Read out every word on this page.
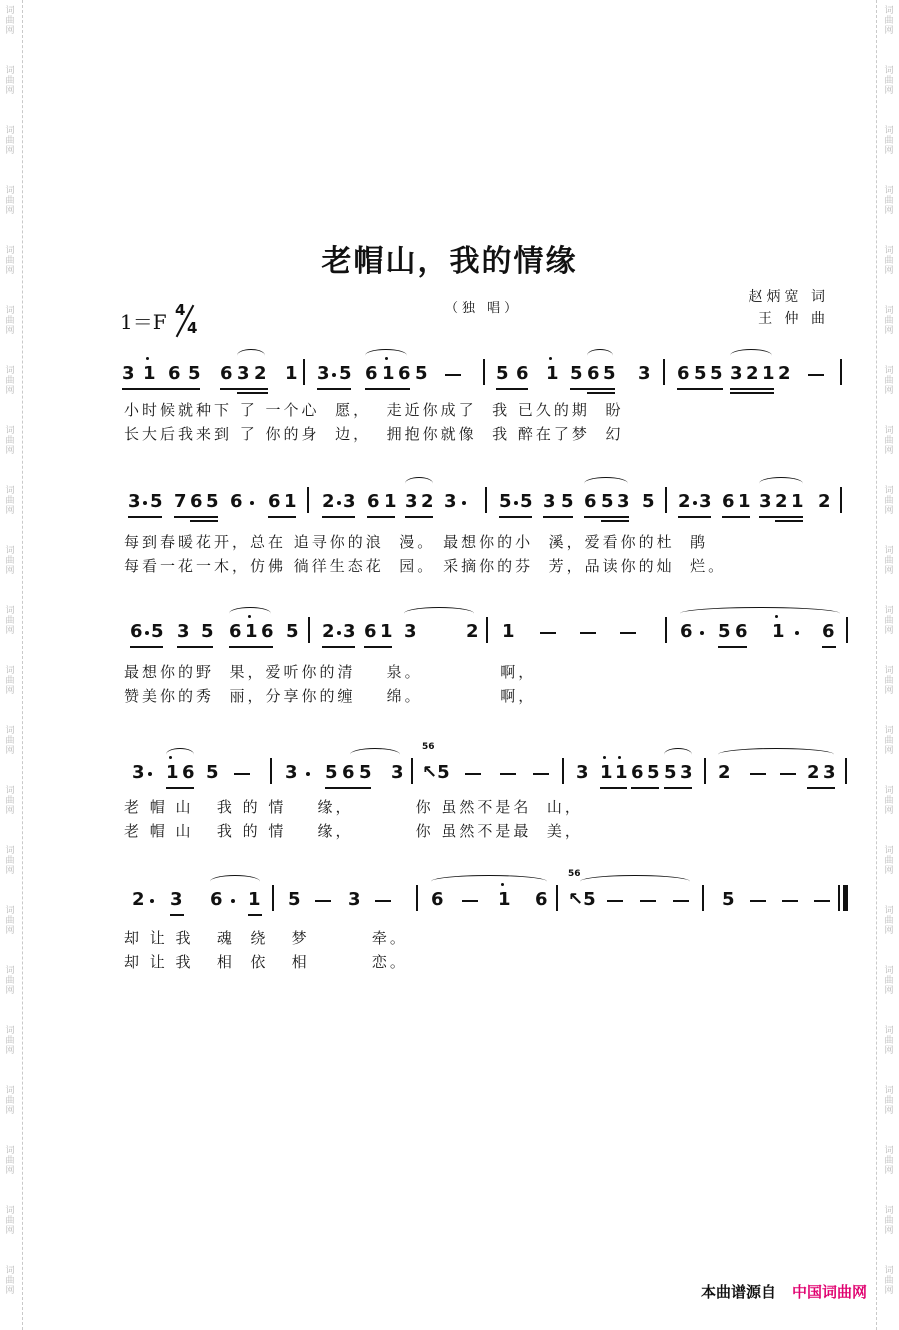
词
曲
网
词
曲
网
词
曲
网
词
曲
网
词
曲
网
词
曲
网
词
曲
网
词
曲
网
词
曲
网
词
曲
网
词
曲
网
词
曲
网
词
曲
网
词
曲
网
词
曲
网
词
曲
网
词
曲
网
词
曲
网
词
曲
网
词
曲
网
词
曲
网
词
曲
网
词
曲
网
词
曲
网
词
曲
网
词
曲
网
词
曲
网
词
曲
网
词
曲
网
词
曲
网
词
曲
网
词
曲
网
词
曲
网
词
曲
网
词
曲
网
词
曲
网
词
曲
网
词
曲
网
词
曲
网
词
曲
网
词
曲
网
词
曲
网
词
曲
网
词
曲
网
老帽山，我的情缘
1＝F
4
4
（独 唱）
赵炳宽 词
王 仲 曲
3 1 6 5 6 3 2 1 3 5 6 1 6 5	5 6 1 5 6 5 3 6 5 5 3 2 1 2
小时候就种下 了 一个心  愿，  走近你成了  我 已久的期  盼
长大后我来到 了 你的身  边，  拥抱你就像  我 醉在了梦  幻
3 5 7 6 5 6 6 1 2 3 6 1 3 2 3 5 5 3 5 6 5 3 5 2 3 6 1 3 2 1 2
每到春暖花开，总在 追寻你的浪  漫。 最想你的小  溪，爱看你的杜  鹃
每看一花一木，仿佛 徜徉生态花  园。 采摘你的芬  芳，品读你的灿  烂。
6 5 3 5 6 1 6 5 2 3 6 1 3	2 1	6 5 6 1 6
最想你的野  果，爱听你的清    泉。          啊，
赞美你的秀  丽，分享你的缠    绵。          啊，
3 1 6 5	3 5 6 5 3
56
↖5	3 1 1 6 5 5 3 2	2 3
老 帽 山   我 的 情    缘，        你 虽然不是名  山，
老 帽 山   我 的 情    缘，        你 虽然不是最  美，
2 3 6 1 5	3	6	1 6
56
↖5	5
却 让 我   魂  绕   梦        牵。
却 让 我   相  依   相        恋。
本曲谱源自 中国词曲网
